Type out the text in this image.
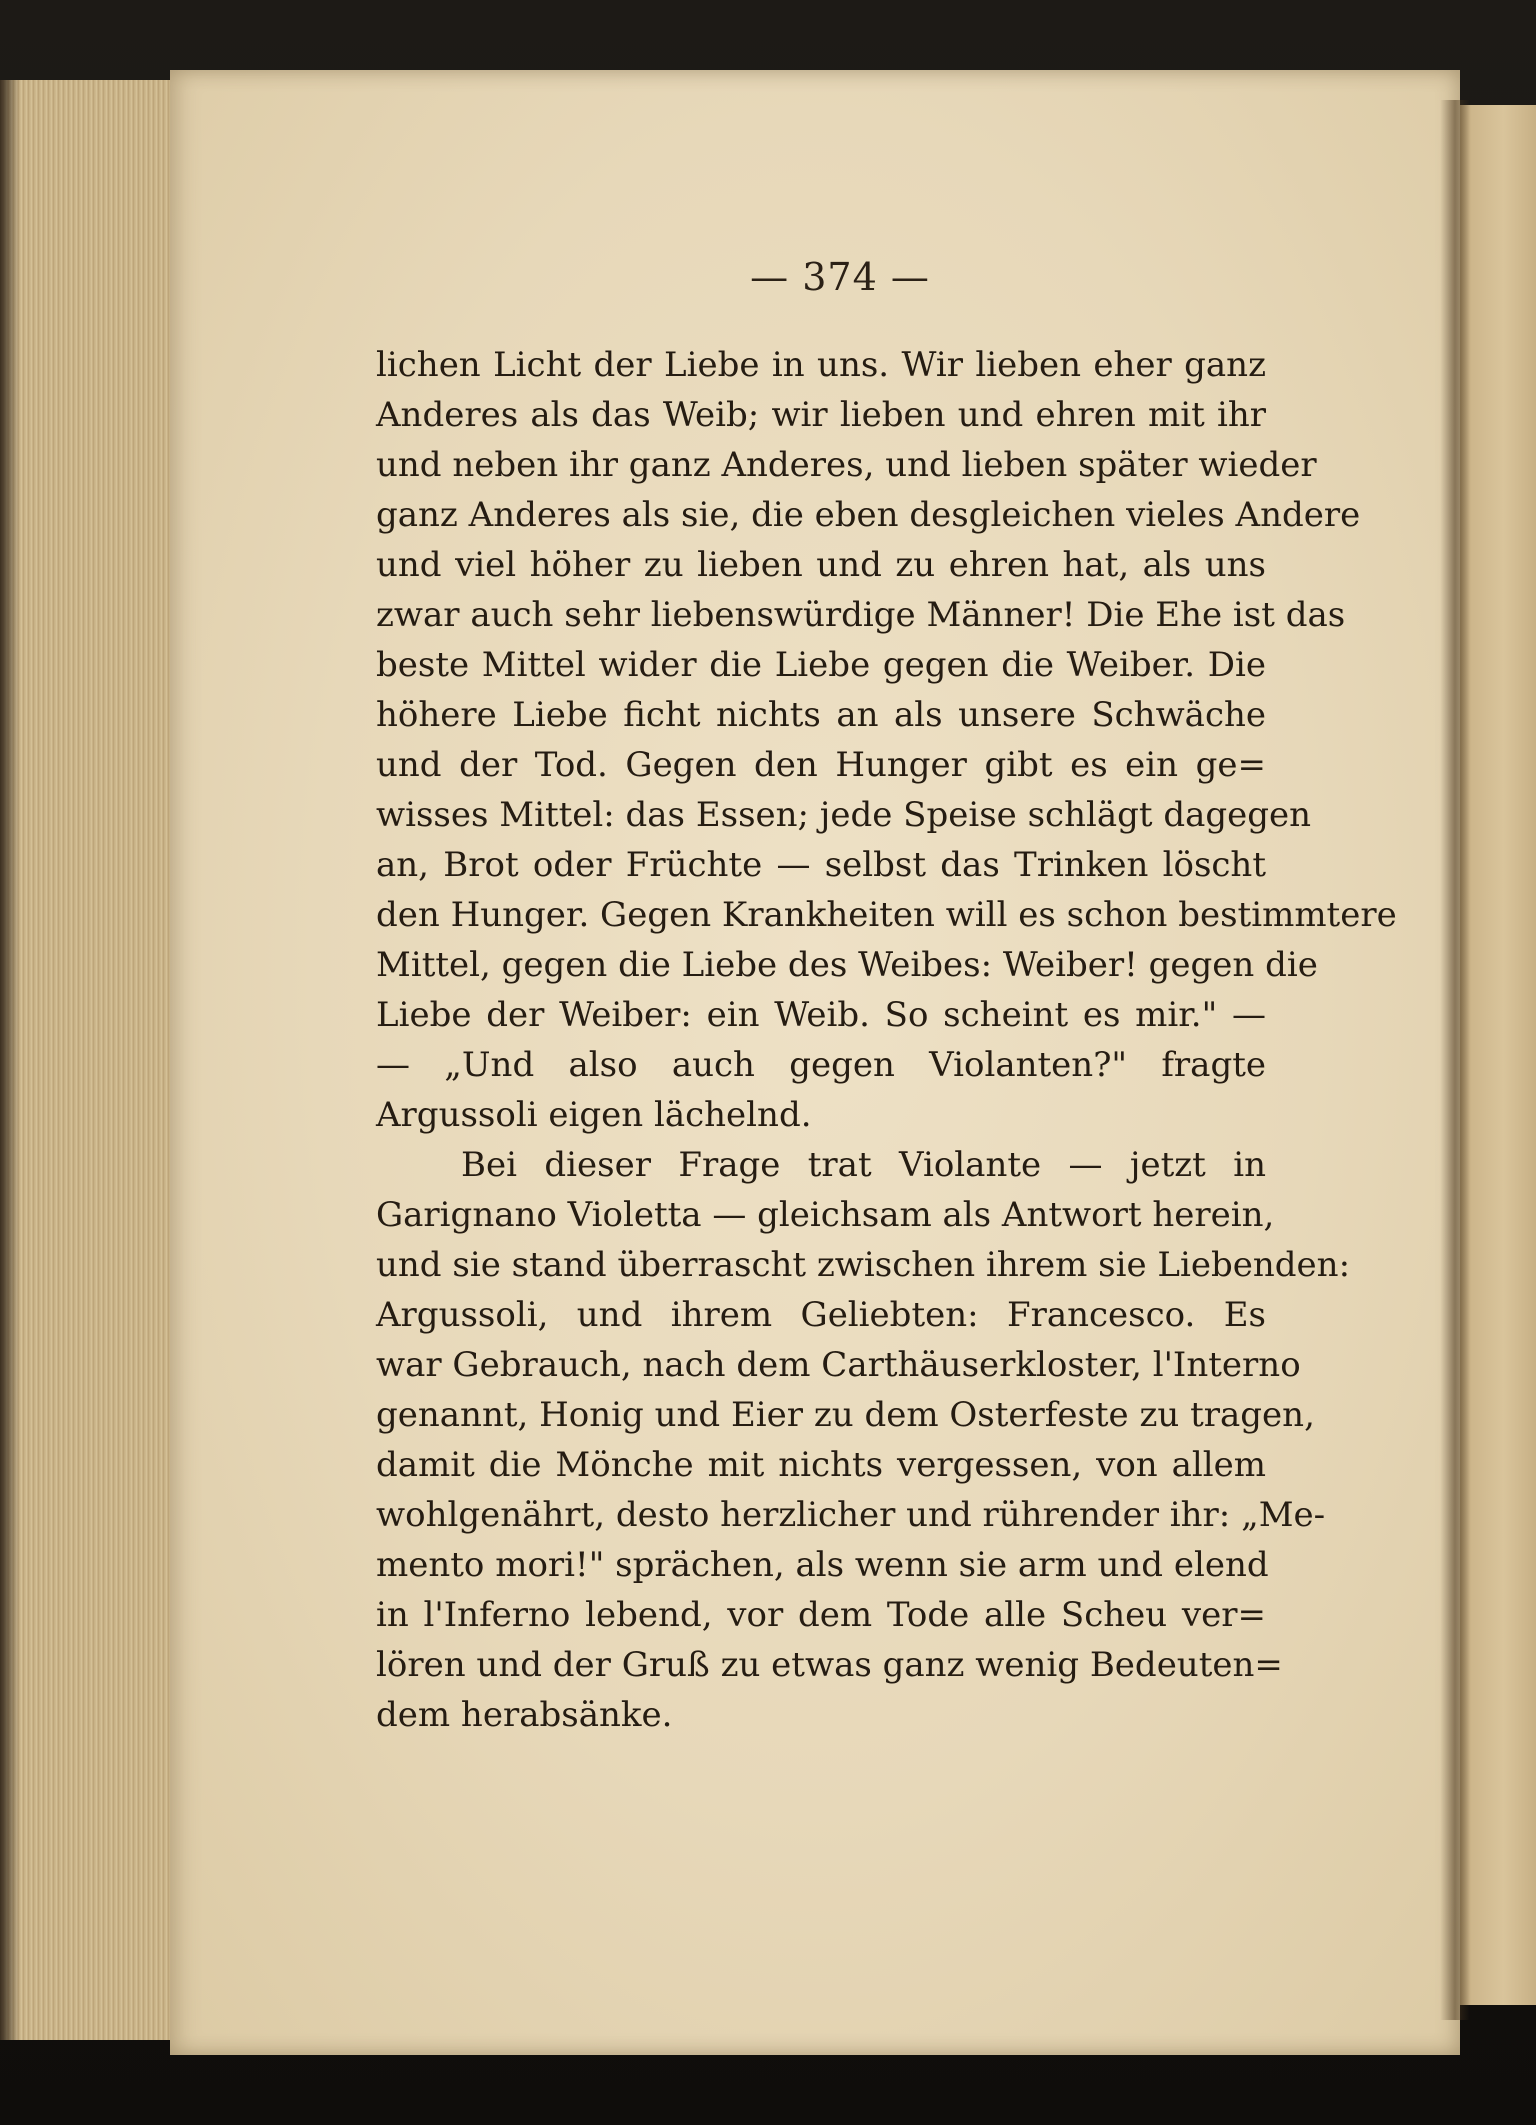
— 374 —
lichen Licht der Liebe in uns. Wir lieben eher ganz
Anderes als das Weib; wir lieben und ehren mit ihr
und neben ihr ganz Anderes, und lieben später wieder
ganz Anderes als sie, die eben desgleichen vieles Andere
und viel höher zu lieben und zu ehren hat, als uns
zwar auch sehr liebenswürdige Männer! Die Ehe ist das
beste Mittel wider die Liebe gegen die Weiber. Die
höhere Liebe ficht nichts an als unsere Schwäche
und der Tod. Gegen den Hunger gibt es ein ge=
wisses Mittel: das Essen; jede Speise schlägt dagegen
an, Brot oder Früchte — selbst das Trinken löscht
den Hunger. Gegen Krankheiten will es schon bestimmtere
Mittel, gegen die Liebe des Weibes: Weiber! gegen die
Liebe der Weiber: ein Weib. So scheint es mir." —
— „Und also auch gegen Violanten?" fragte
Argussoli eigen lächelnd.
Bei dieser Frage trat Violante — jetzt in
Garignano Violetta — gleichsam als Antwort herein,
und sie stand überrascht zwischen ihrem sie Liebenden:
Argussoli, und ihrem Geliebten: Francesco. Es
war Gebrauch, nach dem Carthäuserkloster, l'Interno
genannt, Honig und Eier zu dem Osterfeste zu tragen,
damit die Mönche mit nichts vergessen, von allem
wohlgenährt, desto herzlicher und rührender ihr: „Me-
mento mori!" sprächen, als wenn sie arm und elend
in l'Inferno lebend, vor dem Tode alle Scheu ver=
lören und der Gruß zu etwas ganz wenig Bedeuten=
dem herabsänke.
